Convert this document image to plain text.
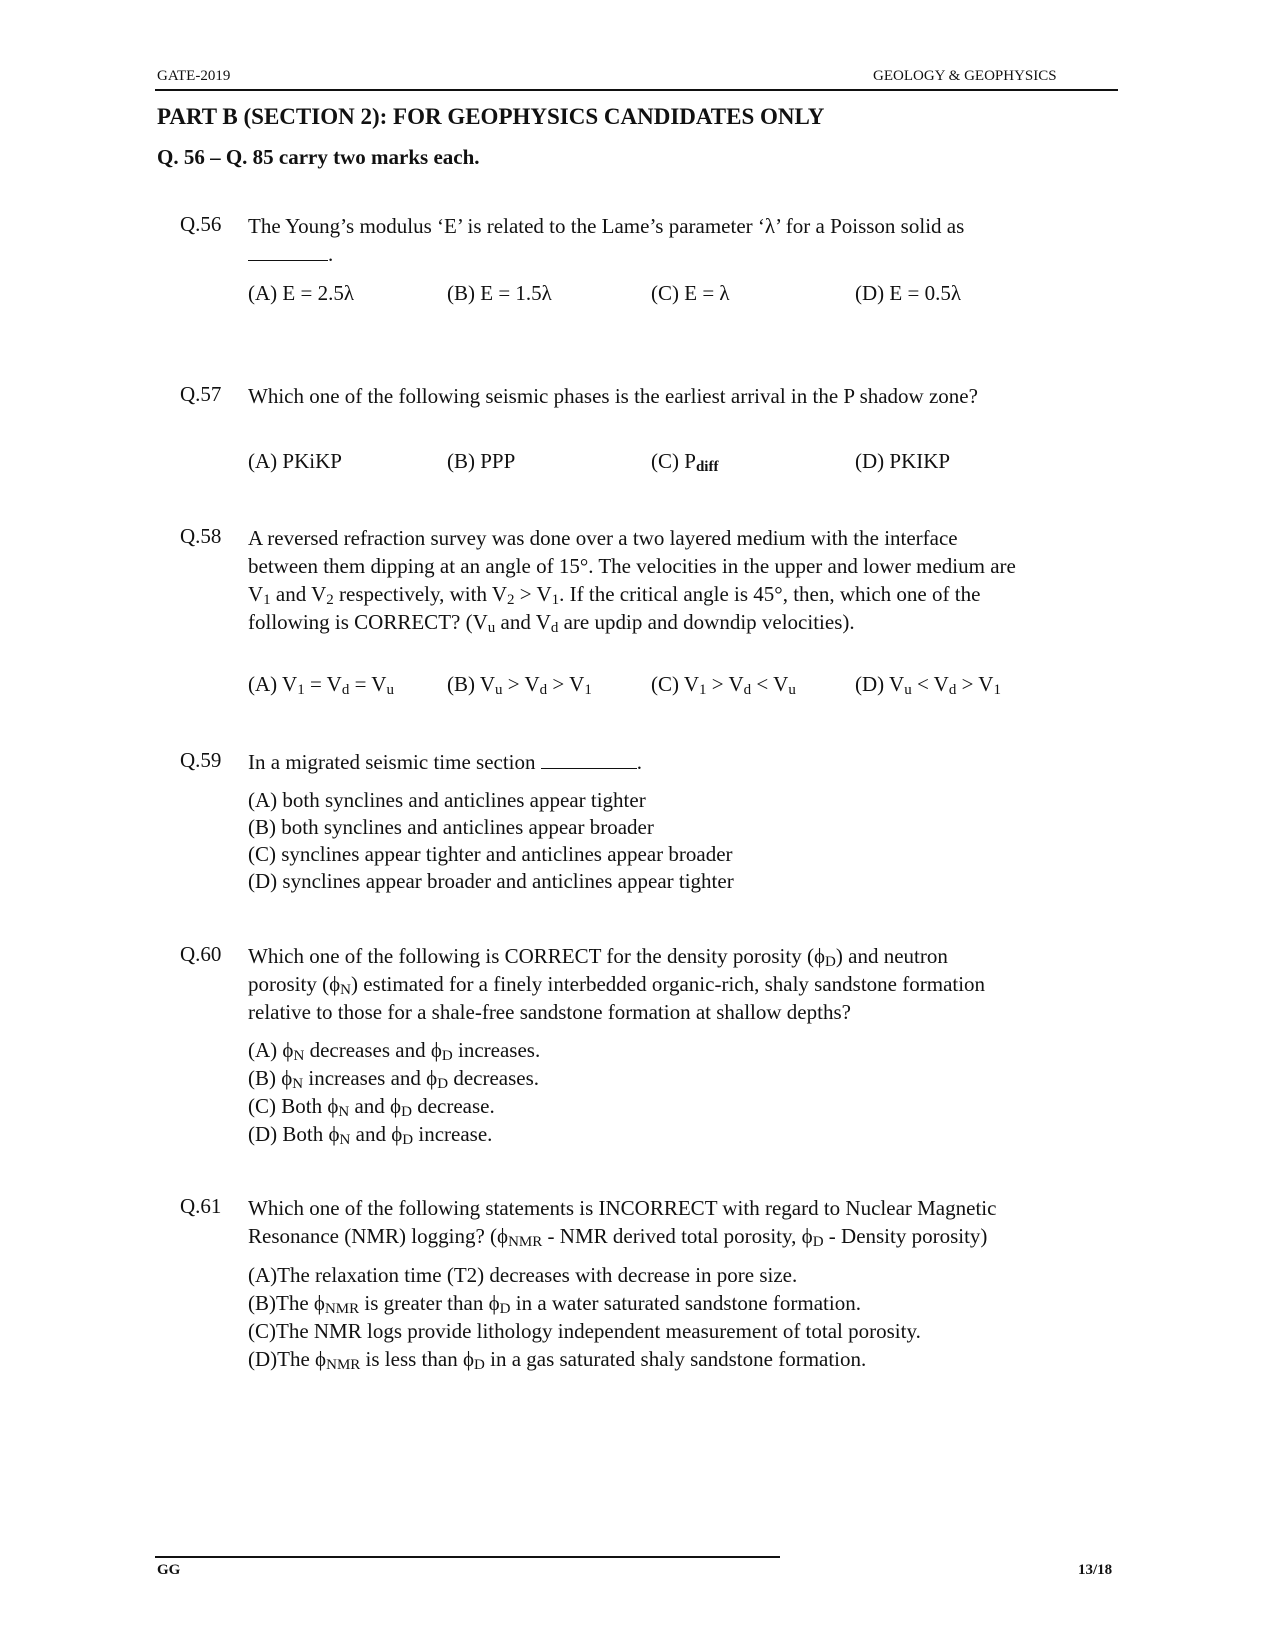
GATE-2019	GEOLOGY & GEOPHYSICS
PART B (SECTION 2): FOR GEOPHYSICS CANDIDATES ONLY
Q. 56 – Q. 85 carry two marks each.
Q.56 The Young’s modulus ‘E’ is related to the Lame’s parameter ‘λ’ for a Poisson solid as
.
(A) E = 2.5λ	(B) E = 1.5λ	(C) E = λ	(D) E = 0.5λ
Q.57 Which one of the following seismic phases is the earliest arrival in the P shadow zone?
(A) PKiKP	(B) PPP	(C) Pdiff	(D) PKIKP
Q.58 A reversed refraction survey was done over a two layered medium with the interface
between them dipping at an angle of 15°. The velocities in the upper and lower medium are
V1 and V2 respectively, with V2 > V1. If the critical angle is 45°, then, which one of the
following is CORRECT? (Vu and Vd are updip and downdip velocities).
(A) V1 = Vd = Vu	(B) Vu > Vd > V1	(C) V1 > Vd < Vu	(D) Vu < Vd > V1
Q.59 In a migrated seismic time section	.
(A) both synclines and anticlines appear tighter
(B) both synclines and anticlines appear broader
(C) synclines appear tighter and anticlines appear broader
(D) synclines appear broader and anticlines appear tighter
Q.60 Which one of the following is CORRECT for the density porosity (ϕD) and neutron
porosity (ϕN) estimated for a finely interbedded organic-rich, shaly sandstone formation
relative to those for a shale-free sandstone formation at shallow depths?
(A) ϕN decreases and ϕD increases.
(B) ϕN increases and ϕD decreases.
(C) Both ϕN and ϕD decrease.
(D) Both ϕN and ϕD increase.
Q.61 Which one of the following statements is INCORRECT with regard to Nuclear Magnetic
Resonance (NMR) logging? (ϕNMR - NMR derived total porosity, ϕD - Density porosity)
(A)The relaxation time (T2) decreases with decrease in pore size.
(B)The ϕNMR is greater than ϕD in a water saturated sandstone formation.
(C)The NMR logs provide lithology independent measurement of total porosity.
(D)The ϕNMR is less than ϕD in a gas saturated shaly sandstone formation.
GG	13/18
